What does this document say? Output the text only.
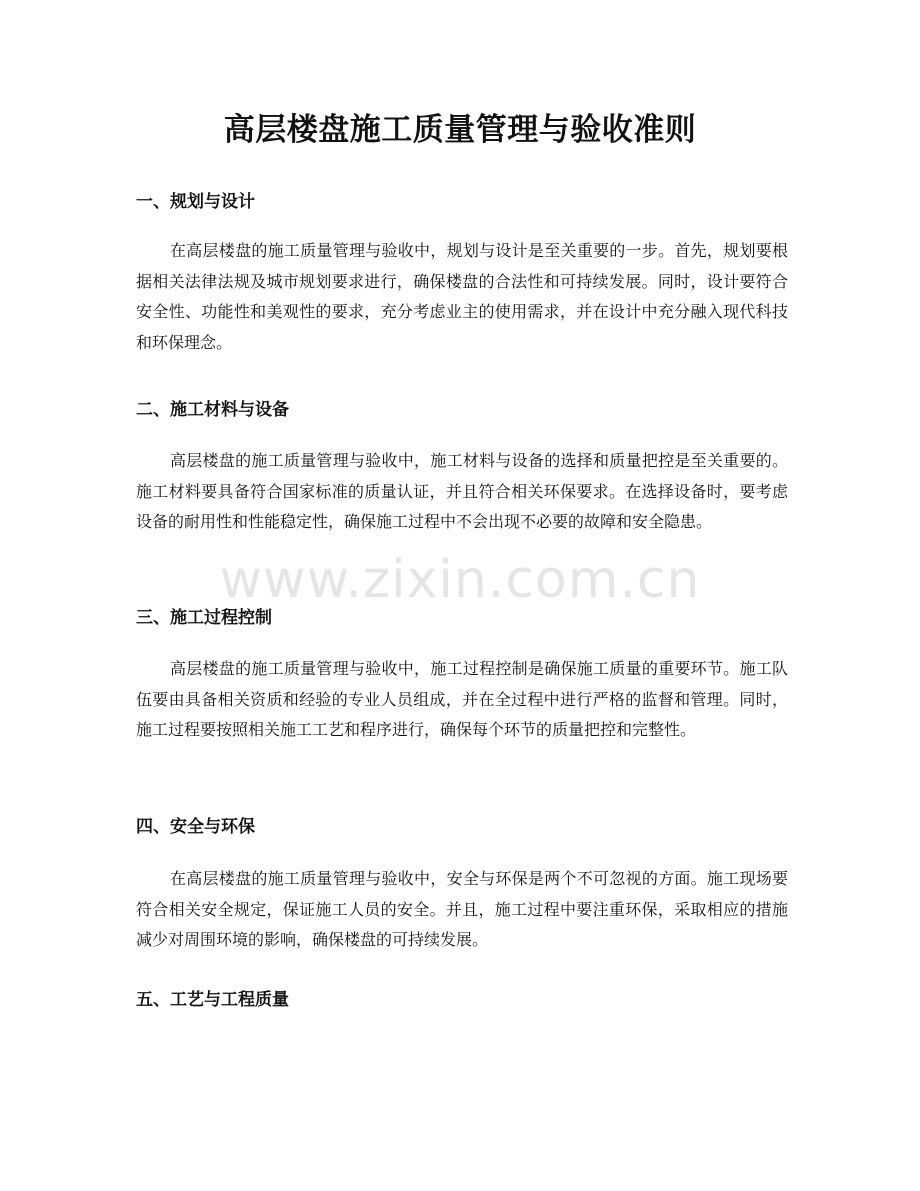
高层楼盘施工质量管理与验收准则
一、规划与设计

在高层楼盘的施工质量管理与验收中，规划与设计是至关重要的一步。首先，规划要根据相关法律法规及城市规划要求进行，确保楼盘的合法性和可持续发展。同时，设计要符合安全性、功能性和美观性的要求，充分考虑业主的使用需求，并在设计中充分融入现代科技和环保理念。

二、施工材料与设备

高层楼盘的施工质量管理与验收中，施工材料与设备的选择和质量把控是至关重要的。施工材料要具备符合国家标准的质量认证，并且符合相关环保要求。在选择设备时，要考虑设备的耐用性和性能稳定性，确保施工过程中不会出现不必要的故障和安全隐患。

三、施工过程控制

高层楼盘的施工质量管理与验收中，施工过程控制是确保施工质量的重要环节。施工队伍要由具备相关资质和经验的专业人员组成，并在全过程中进行严格的监督和管理。同时，施工过程要按照相关施工工艺和程序进行，确保每个环节的质量把控和完整性。

四、安全与环保

在高层楼盘的施工质量管理与验收中，安全与环保是两个不可忽视的方面。施工现场要符合相关安全规定，保证施工人员的安全。并且，施工过程中要注重环保，采取相应的措施减少对周围环境的影响，确保楼盘的可持续发展。

五、工艺与工程质量
www.zixin.com.cn
